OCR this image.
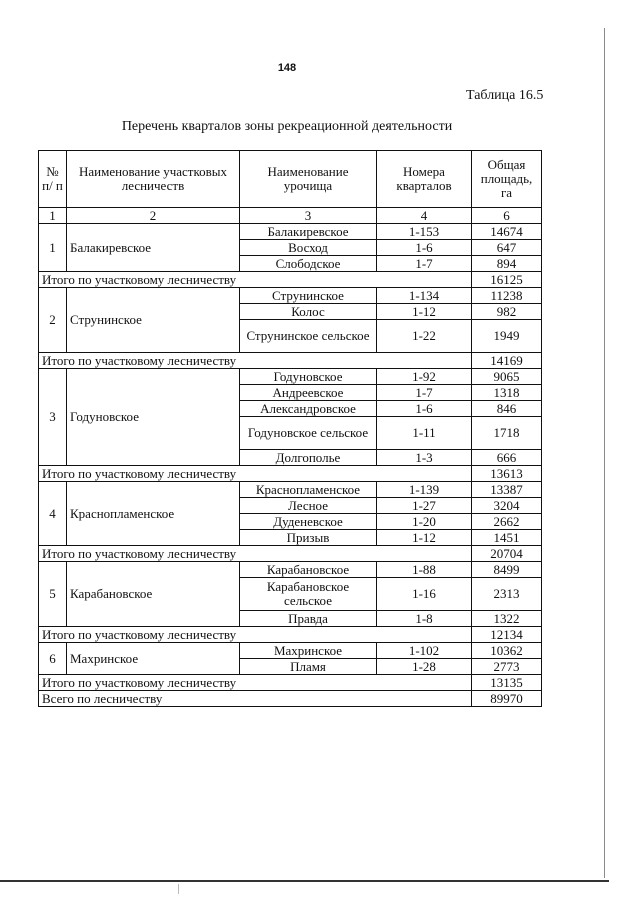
148
Таблица 16.5
Перечень кварталов зоны рекреационной деятельности
№ п/ п	Наименование участковых лесничеств	Наименование урочища	Номера кварталов	Общая площадь, га
1	2	3	4	6
1	Балакиревское	Балакиревское	1-153	14674
		Восход	1-6	647
		Слободское	1-7	894
Итого по участковому лесничеству				16125
2	Струнинское	Струнинское	1-134	11238
		Колос	1-12	982
		Струнинское сельское	1-22	1949
Итого по участковому лесничеству				14169
3	Годуновское	Годуновское	1-92	9065
		Андреевское	1-7	1318
		Александровское	1-6	846
		Годуновское сельское	1-11	1718
		Долгополье	1-3	666
Итого по участковому лесничеству				13613
4	Краснопламенское	Краснопламенское	1-139	13387
		Лесное	1-27	3204
		Дуденевское	1-20	2662
		Призыв	1-12	1451
Итого по участковому лесничеству				20704
5	Карабановское	Карабановское	1-88	8499
		Карабановское сельское	1-16	2313
		Правда	1-8	1322
Итого по участковому лесничеству				12134
6	Махринское	Махринское	1-102	10362
		Пламя	1-28	2773
Итого по участковому лесничеству				13135
Всего по лесничеству				89970
